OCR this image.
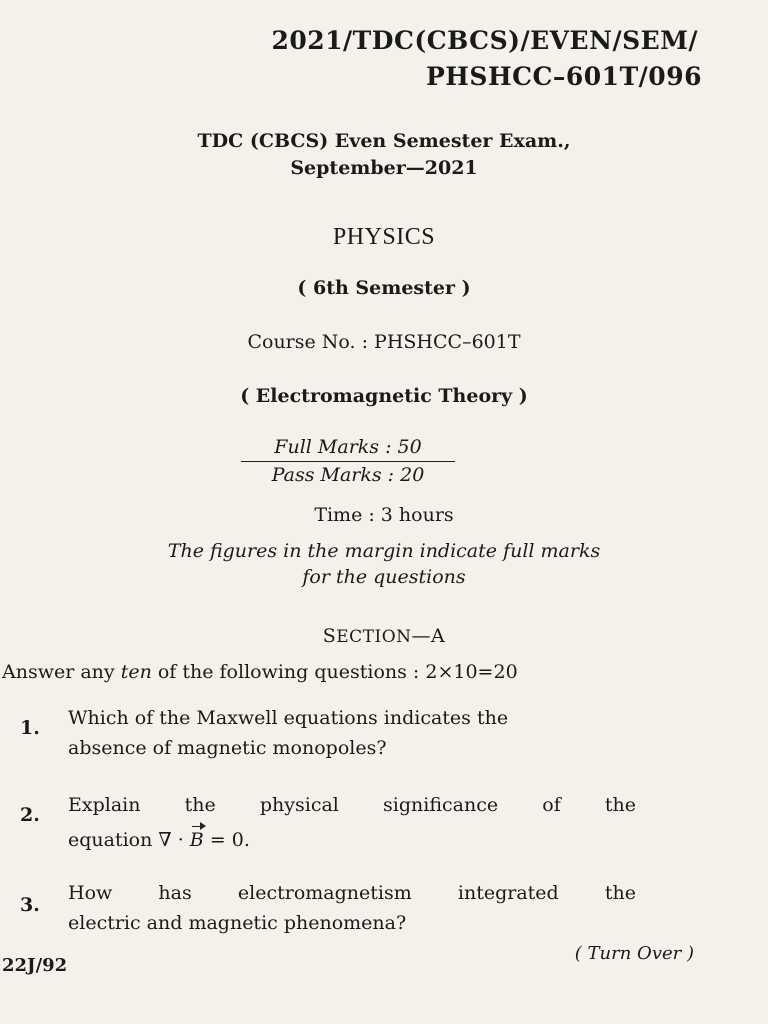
2021/TDC(CBCS)/EVEN/SEM/
PHSHCC–601T/096
TDC (CBCS) Even Semester Exam.,
September—2021
PHYSICS
( 6th Semester )
Course No. : PHSHCC–601T
( Electromagnetic Theory )
Full Marks : 50
Pass Marks : 20
Time : 3 hours
The figures in the margin indicate full marks
for the questions
SECTION—A
Answer any ten of the following questions : 2×10=20
1. Which of the Maxwell equations indicates the
absence of magnetic monopoles?
2. Explain the physical significance of the
equation ∇ · B = 0.
3.
How has electromagnetism integrated the
electric and magnetic phenomena?
22J/92
( Turn Over )
